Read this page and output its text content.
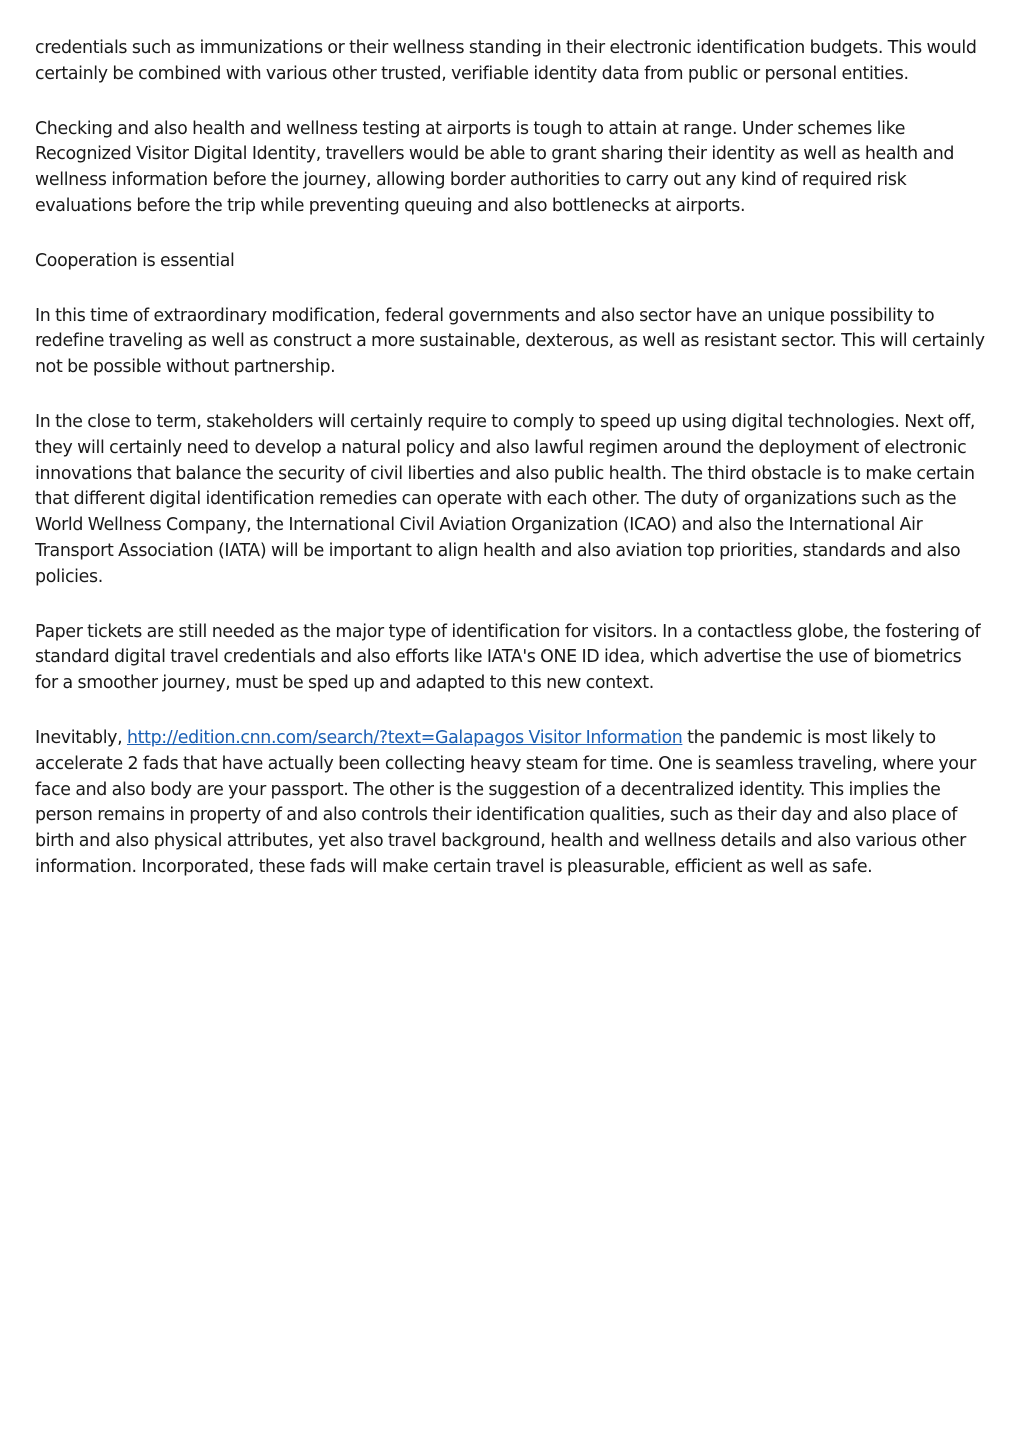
credentials such as immunizations or their wellness standing in their electronic identification budgets. This would certainly be combined with various other trusted, verifiable identity data from public or personal entities.

Checking and also health and wellness testing at airports is tough to attain at range. Under schemes like Recognized Visitor Digital Identity, travellers would be able to grant sharing their identity as well as health and wellness information before the journey, allowing border authorities to carry out any kind of required risk evaluations before the trip while preventing queuing and also bottlenecks at airports.

Cooperation is essential

In this time of extraordinary modification, federal governments and also sector have an unique possibility to redefine traveling as well as construct a more sustainable, dexterous, as well as resistant sector. This will certainly not be possible without partnership.

In the close to term, stakeholders will certainly require to comply to speed up using digital technologies. Next off, they will certainly need to develop a natural policy and also lawful regimen around the deployment of electronic innovations that balance the security of civil liberties and also public health. The third obstacle is to make certain that different digital identification remedies can operate with each other. The duty of organizations such as the World Wellness Company, the International Civil Aviation Organization (ICAO) and also the International Air Transport Association (IATA) will be important to align health and also aviation top priorities, standards and also policies.

Paper tickets are still needed as the major type of identification for visitors. In a contactless globe, the fostering of standard digital travel credentials and also efforts like IATA's ONE ID idea, which advertise the use of biometrics for a smoother journey, must be sped up and adapted to this new context.

Inevitably, http://edition.cnn.com/search/?text=Galapagos Visitor Information the pandemic is most likely to accelerate 2 fads that have actually been collecting heavy steam for time. One is seamless traveling, where your face and also body are your passport. The other is the suggestion of a decentralized identity. This implies the person remains in property of and also controls their identification qualities, such as their day and also place of birth and also physical attributes, yet also travel background, health and wellness details and also various other information. Incorporated, these fads will make certain travel is pleasurable, efficient as well as safe.
